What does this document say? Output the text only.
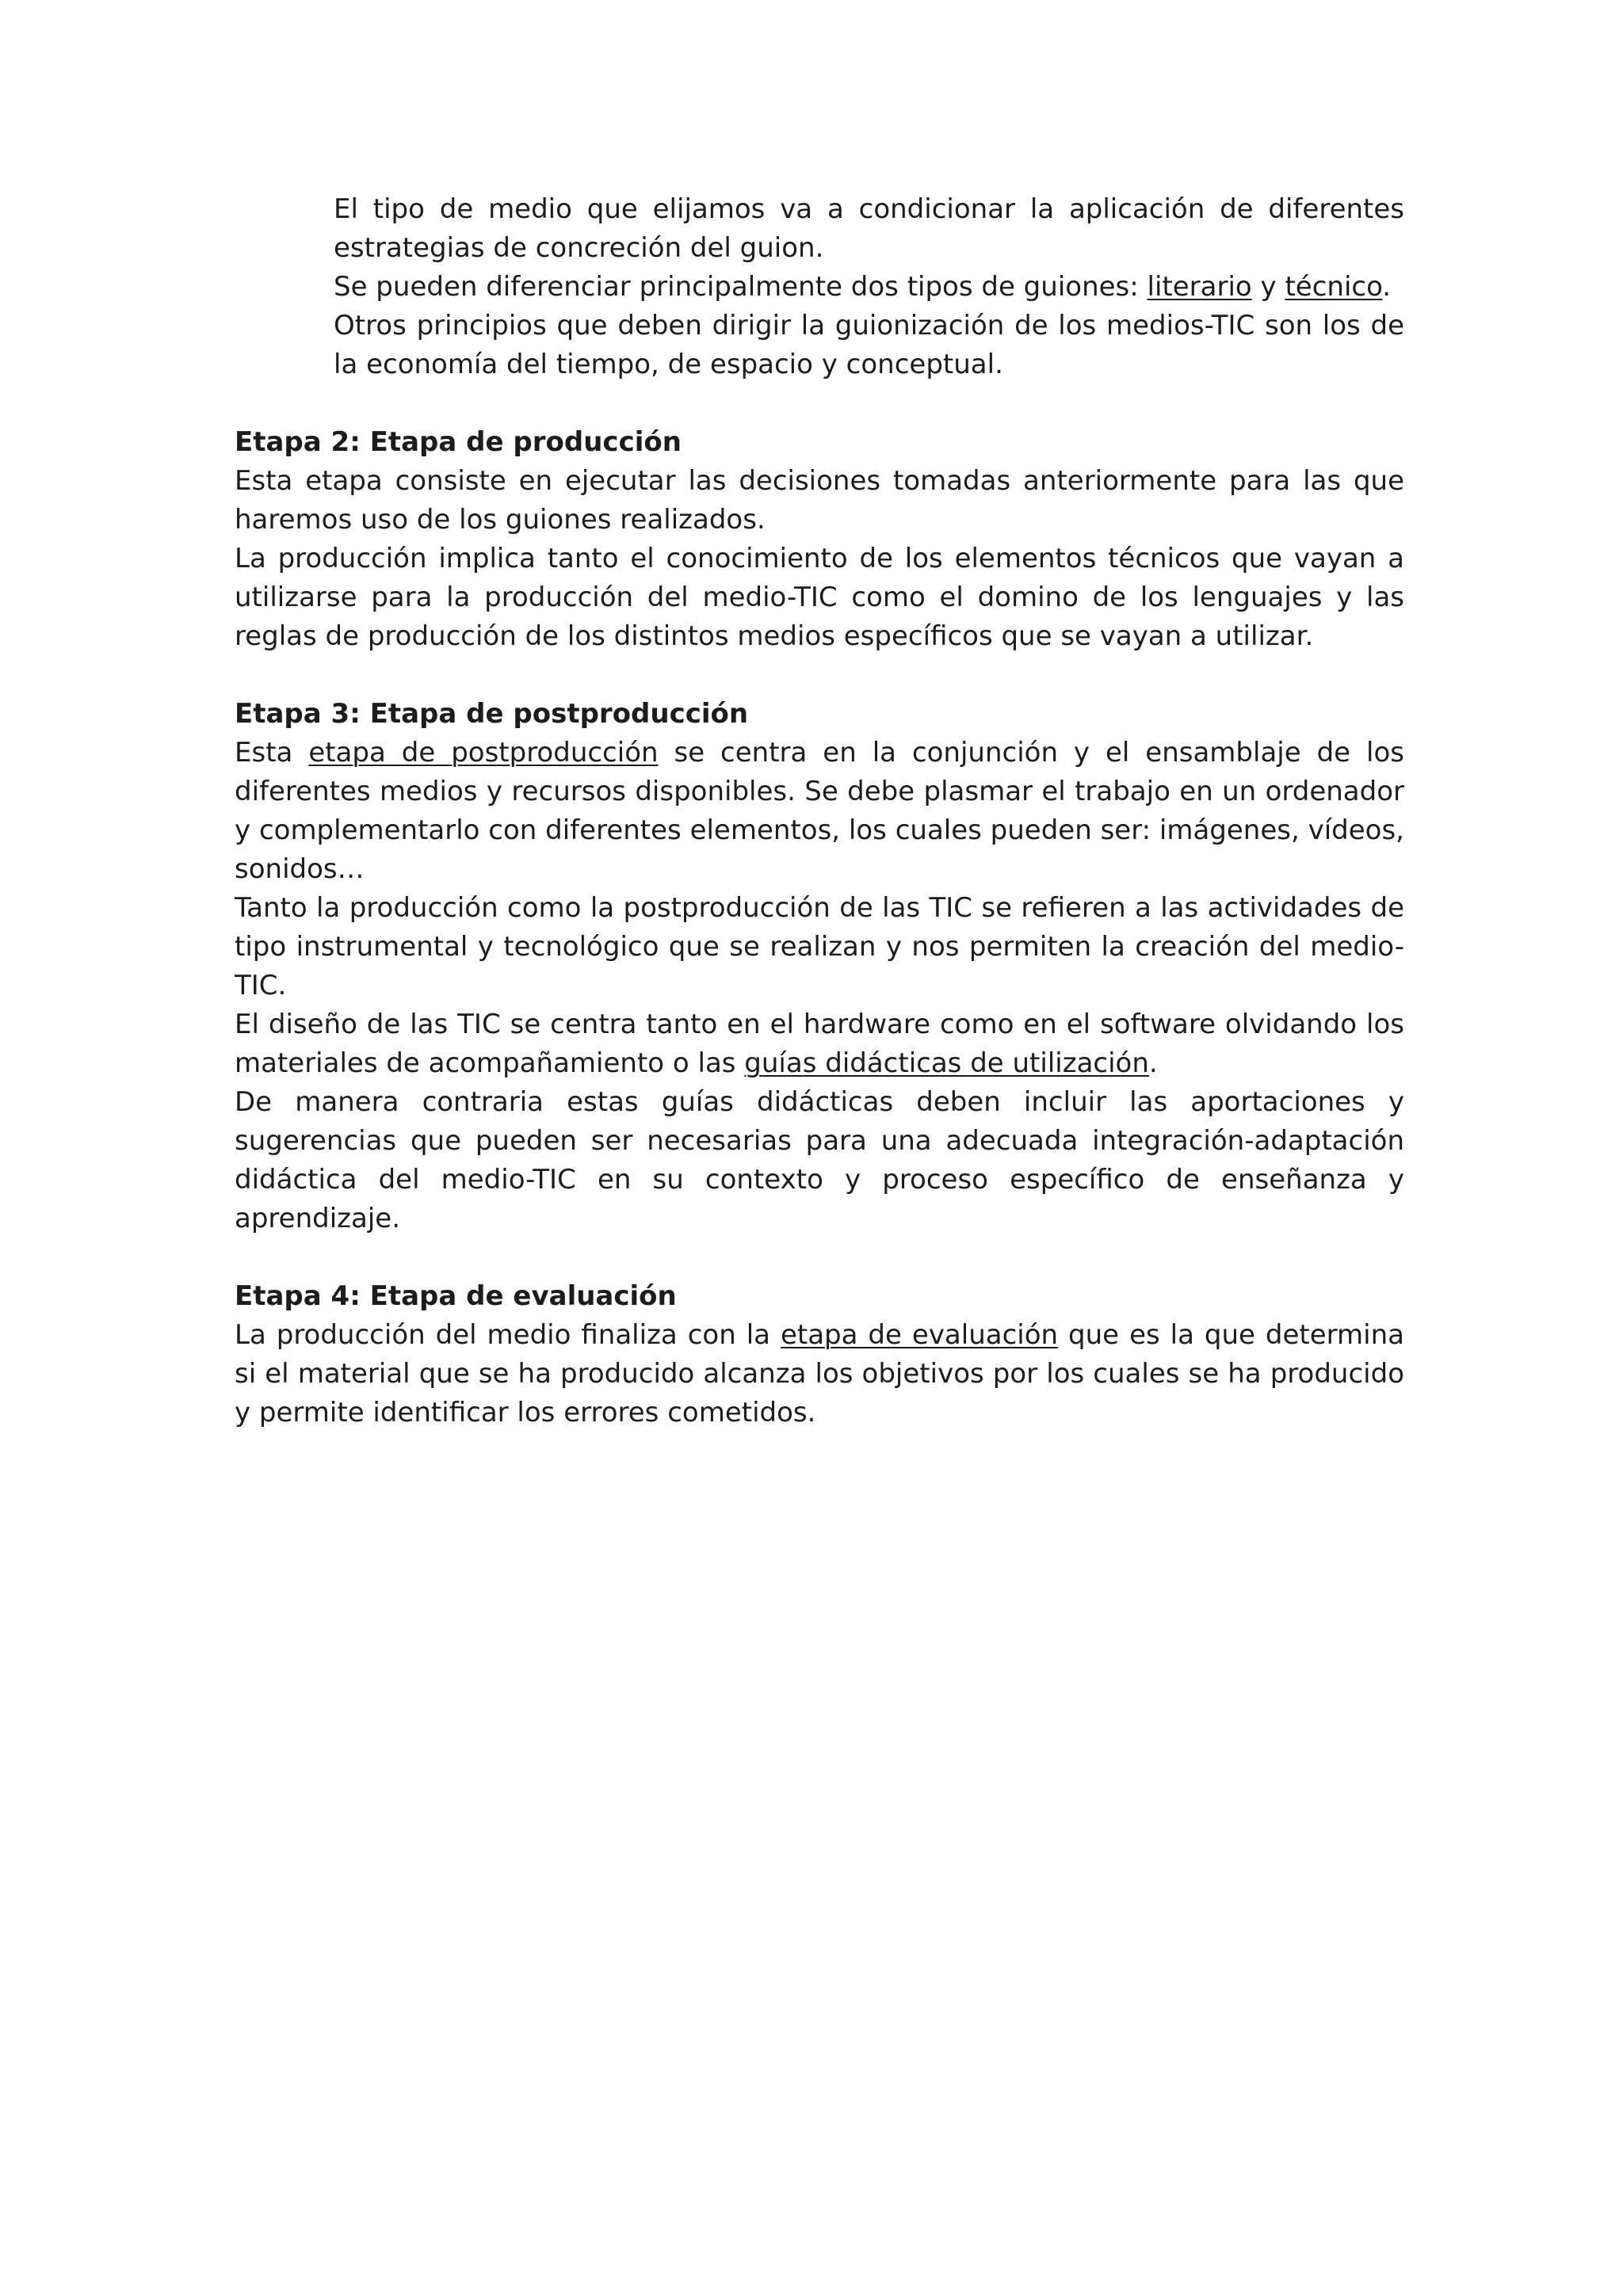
El tipo de medio que elijamos va a condicionar la aplicación de diferentes estrategias de concreción del guion.

Se pueden diferenciar principalmente dos tipos de guiones: literario y técnico.

Otros principios que deben dirigir la guionización de los medios-TIC son los de la economía del tiempo, de espacio y conceptual.

Etapa 2: Etapa de producción

Esta etapa consiste en ejecutar las decisiones tomadas anteriormente para las que haremos uso de los guiones realizados.

La producción implica tanto el conocimiento de los elementos técnicos que vayan a utilizarse para la producción del medio-TIC como el domino de los lenguajes y las reglas de producción de los distintos medios específicos que se vayan a utilizar.

Etapa 3: Etapa de postproducción

Esta etapa de postproducción se centra en la conjunción y el ensamblaje de los diferentes medios y recursos disponibles. Se debe plasmar el trabajo en un ordenador y complementarlo con diferentes elementos, los cuales pueden ser: imágenes, vídeos, sonidos…

Tanto la producción como la postproducción de las TIC se refieren a las actividades de tipo instrumental y tecnológico que se realizan y nos permiten la creación del medio-TIC.

El diseño de las TIC se centra tanto en el hardware como en el software olvidando los materiales de acompañamiento o las guías didácticas de utilización.

De manera contraria estas guías didácticas deben incluir las aportaciones y sugerencias que pueden ser necesarias para una adecuada integración-adaptación didáctica del medio-TIC en su contexto y proceso específico de enseñanza y aprendizaje.

Etapa 4: Etapa de evaluación

La producción del medio finaliza con la etapa de evaluación que es la que determina si el material que se ha producido alcanza los objetivos por los cuales se ha producido y permite identificar los errores cometidos.
